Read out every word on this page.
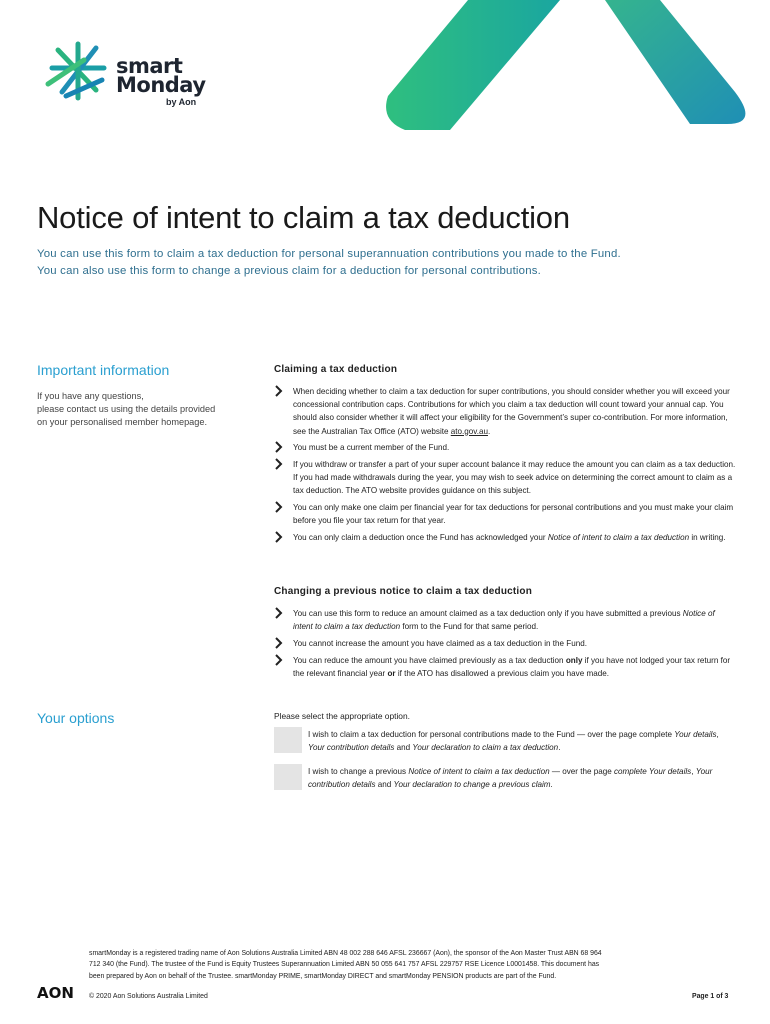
smart
Monday
by Aon
Notice of intent to claim a tax deduction
You can use this form to claim a tax deduction for personal superannuation contributions you made to the Fund.
You can also use this form to change a previous claim for a deduction for personal contributions.
Important information
If you have any questions,
please contact us using the details provided
on your personalised member homepage.
Claiming a tax deduction
When deciding whether to claim a tax deduction for super contributions, you should consider whether you will exceed your concessional contribution caps. Contributions for which you claim a tax deduction will count toward your annual cap. You should also consider whether it will affect your eligibility for the Government’s super co-contribution. For more information, see the Australian Tax Office (ATO) website ato.gov.au.
You must be a current member of the Fund.
If you withdraw or transfer a part of your super account balance it may reduce the amount you can claim as a tax deduction. If you had made withdrawals during the year, you may wish to seek advice on determining the correct amount to claim as a tax deduction. The ATO website provides guidance on this subject.
You can only make one claim per financial year for tax deductions for personal contributions and you must make your claim before you file your tax return for that year.
You can only claim a deduction once the Fund has acknowledged your Notice of intent to claim a tax deduction in writing.
Changing a previous notice to claim a tax deduction
You can use this form to reduce an amount claimed as a tax deduction only if you have submitted a previous Notice of intent to claim a tax deduction form to the Fund for that same period.
You cannot increase the amount you have claimed as a tax deduction in the Fund.
You can reduce the amount you have claimed previously as a tax deduction only if you have not lodged your tax return for the relevant financial year or if the ATO has disallowed a previous claim you have made.
Your options	Please select the appropriate option.
I wish to claim a tax deduction for personal contributions made to the Fund — over the page complete Your details, Your contribution details and Your declaration to claim a tax deduction.
I wish to change a previous Notice of intent to claim a tax deduction — over the page complete Your details, Your contribution details and Your declaration to change a previous claim.
AON
smartMonday is a registered trading name of Aon Solutions Australia Limited ABN 48 002 288 646 AFSL 236667 (Aon), the sponsor of the Aon Master Trust ABN 68 964 712 340 (the Fund). The trustee of the Fund is Equity Trustees Superannuation Limited ABN 50 055 641 757 AFSL 229757 RSE Licence L0001458. This document has been prepared by Aon on behalf of the Trustee. smartMonday PRIME, smartMonday DIRECT and smartMonday PENSION products are part of the Fund.
© 2020 Aon Solutions Australia Limited	Page 1 of 3
